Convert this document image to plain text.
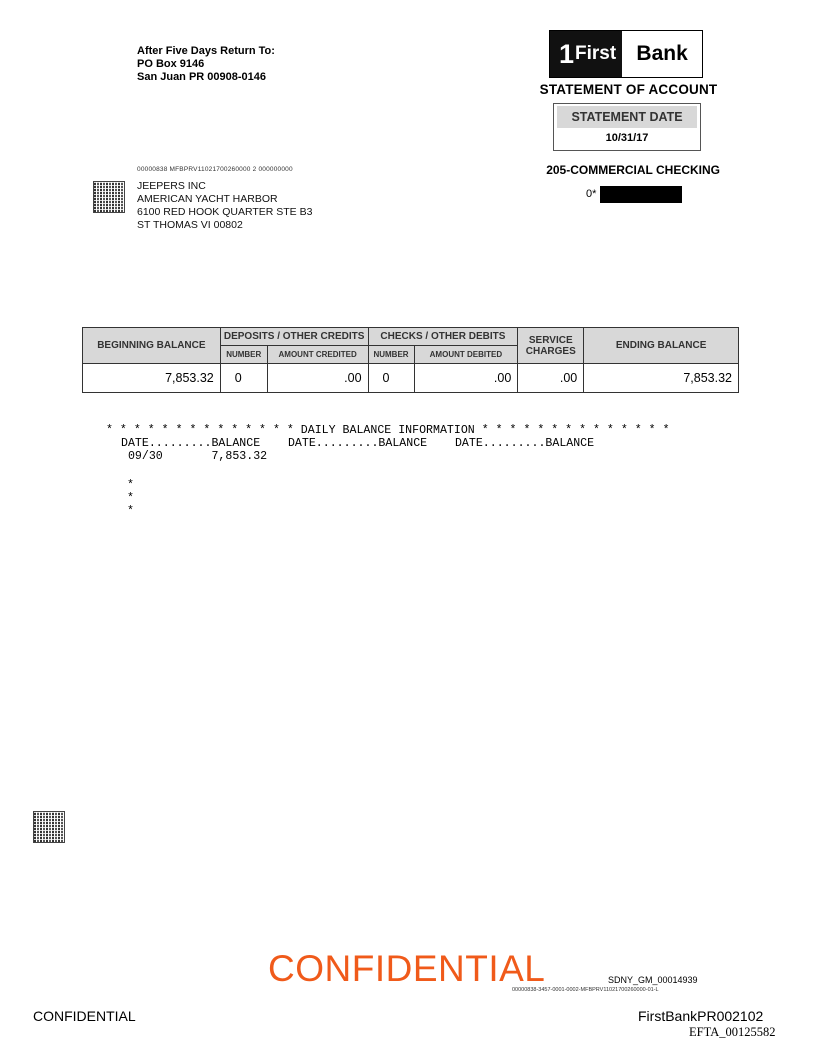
After Five Days Return To:
PO Box 9146
San Juan PR 00908-0146
1 First Bank
STATEMENT OF ACCOUNT
STATEMENT DATE
10/31/17
205-COMMERCIAL CHECKING
0*
00000838 MFBPRV11021700260000 2 000000000
JEEPERS INC
AMERICAN YACHT HARBOR
6100 RED HOOK QUARTER STE B3
ST THOMAS VI 00802
BEGINNING BALANCE	DEPOSITS / OTHER CREDITS		CHECKS / OTHER DEBITS		SERVICE
CHARGES	ENDING BALANCE
	NUMBER	AMOUNT CREDITED	NUMBER	AMOUNT DEBITED		
7,853.32	0	.00	0	.00	.00	7,853.32
* * * * * * * * * * * * * * DAILY BALANCE INFORMATION * * * * * * * * * * * * * *
DATE.........BALANCE    DATE.........BALANCE    DATE.........BALANCE
09/30       7,853.32
*
*
*
CONFIDENTIAL	SDNY_GM_00014939
00000838-3457-0001-0002-MFBPRV11021700260000-01-L
CONFIDENTIAL	FirstBankPR002102
EFTA_00125582
